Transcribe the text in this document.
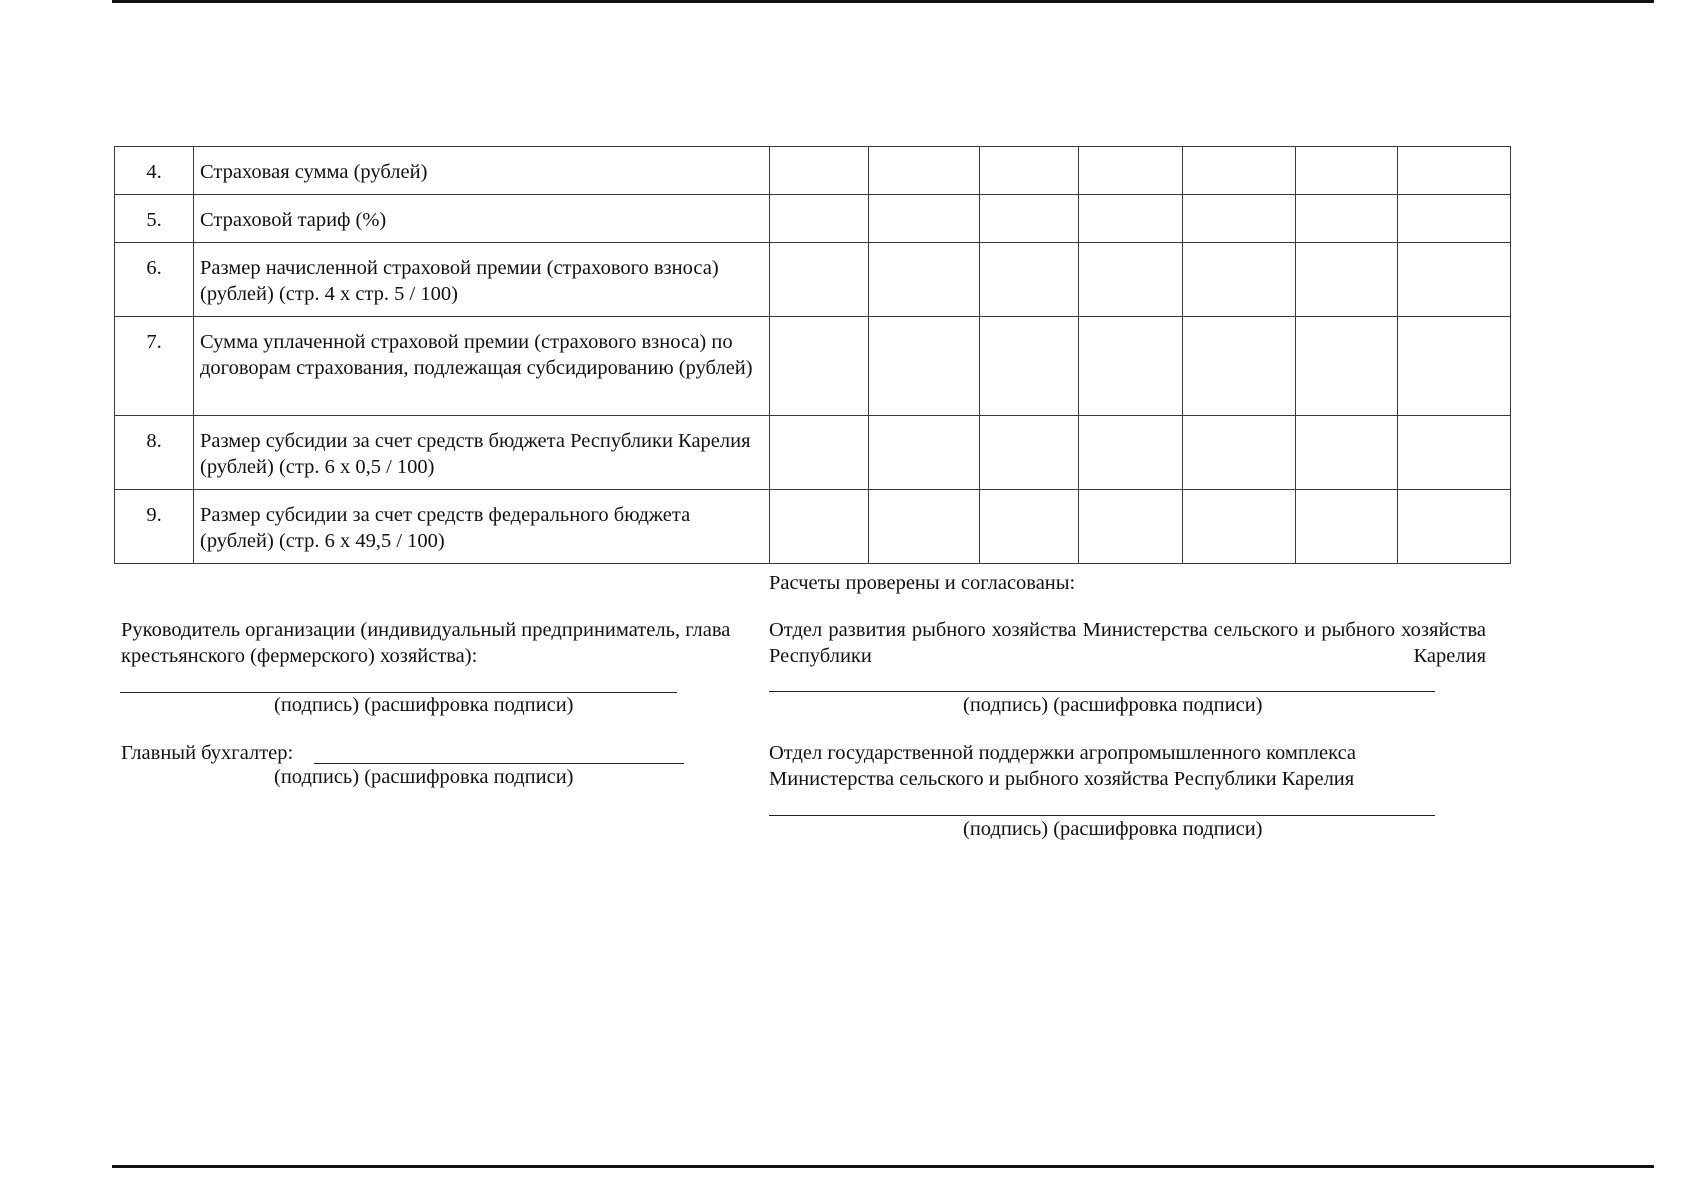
4.	Страховая сумма (рублей)							
5.	Страховой тариф (%)							
6.	Размер начисленной страховой премии (страхового взноса) (рублей) (стр. 4 x стр. 5 / 100)							
7.	Сумма уплаченной страховой премии (страхового взноса) по договорам страхования, подлежащая субсидированию (рублей)							
8.	Размер субсидии за счет средств бюджета Республики Карелия (рублей) (стр. 6 x 0,5 / 100)							
9.	Размер субсидии за счет средств федерального бюджета (рублей) (стр. 6 x 49,5 / 100)							
Расчеты проверены и согласованы:
Отдел развития рыбного хозяйства Министерства сельского и рыбного хозяйства Республики Карелия
(подпись) (расшифровка подписи)
Отдел государственной поддержки агропромышленного комплекса Министерства сельского и рыбного хозяйства Республики Карелия
(подпись) (расшифровка подписи)
Руководитель организации (индивидуальный предприниматель, глава крестьянского (фермерского) хозяйства):
(подпись) (расшифровка подписи)
Главный бухгалтер:
(подпись) (расшифровка подписи)
